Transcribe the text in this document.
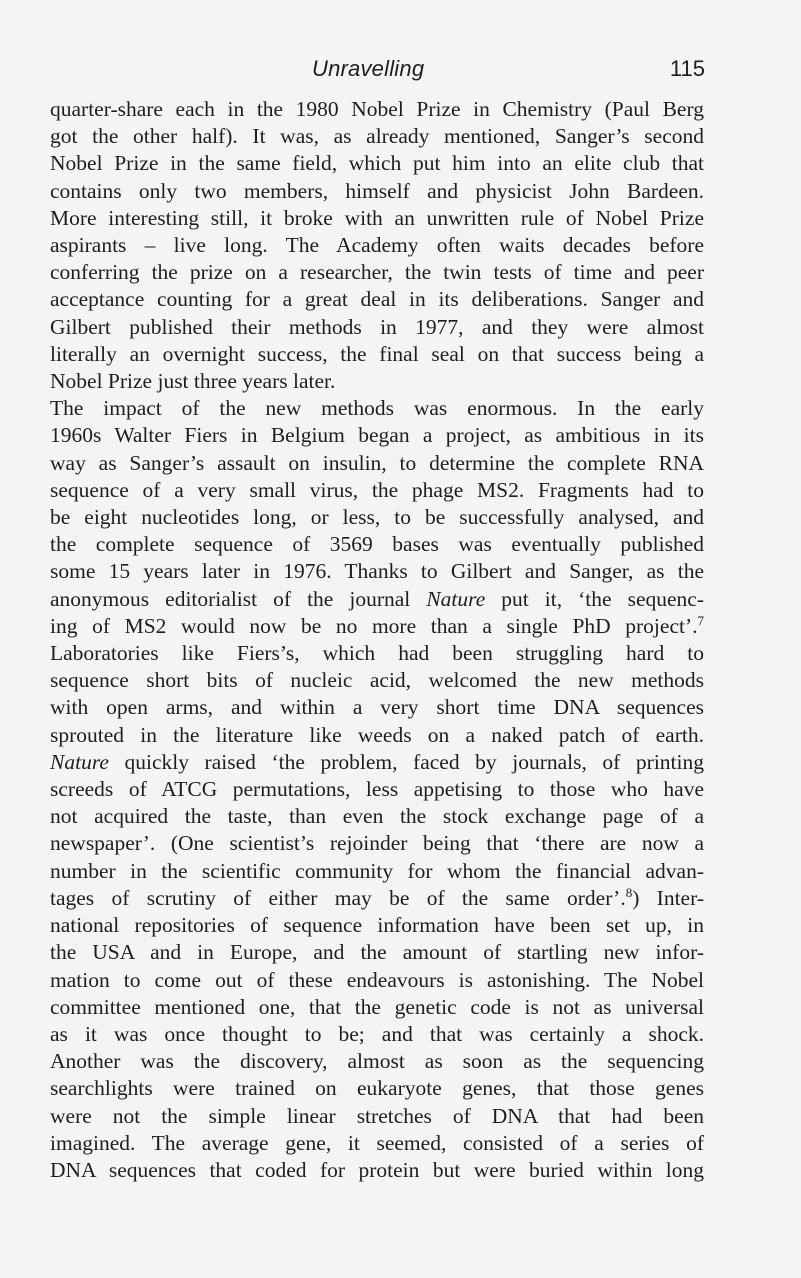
Unravelling	115
quarter-share each in the 1980 Nobel Prize in Chemistry (Paul Berg
got the other half). It was, as already mentioned, Sanger’s second
Nobel Prize in the same field, which put him into an elite club that
contains only two members, himself and physicist John Bardeen.
More interesting still, it broke with an unwritten rule of Nobel Prize
aspirants – live long. The Academy often waits decades before
conferring the prize on a researcher, the twin tests of time and peer
acceptance counting for a great deal in its deliberations. Sanger and
Gilbert published their methods in 1977, and they were almost
literally an overnight success, the final seal on that success being a
Nobel Prize just three years later.
The impact of the new methods was enormous. In the early
1960s Walter Fiers in Belgium began a project, as ambitious in its
way as Sanger’s assault on insulin, to determine the complete RNA
sequence of a very small virus, the phage MS2. Fragments had to
be eight nucleotides long, or less, to be successfully analysed, and
the complete sequence of 3569 bases was eventually published
some 15 years later in 1976. Thanks to Gilbert and Sanger, as the
anonymous editorialist of the journal Nature put it, ‘the sequenc-
ing of MS2 would now be no more than a single PhD project’.$^7$
Laboratories like Fiers’s, which had been struggling hard to
sequence short bits of nucleic acid, welcomed the new methods
with open arms, and within a very short time DNA sequences
sprouted in the literature like weeds on a naked patch of earth.
Nature quickly raised ‘the problem, faced by journals, of printing
screeds of ATCG permutations, less appetising to those who have
not acquired the taste, than even the stock exchange page of a
newspaper’. (One scientist’s rejoinder being that ‘there are now a
number in the scientific community for whom the financial advan-
tages of scrutiny of either may be of the same order’.$^8$) Inter-
national repositories of sequence information have been set up, in
the USA and in Europe, and the amount of startling new infor-
mation to come out of these endeavours is astonishing. The Nobel
committee mentioned one, that the genetic code is not as universal
as it was once thought to be; and that was certainly a shock.
Another was the discovery, almost as soon as the sequencing
searchlights were trained on eukaryote genes, that those genes
were not the simple linear stretches of DNA that had been
imagined. The average gene, it seemed, consisted of a series of
DNA sequences that coded for protein but were buried within long
